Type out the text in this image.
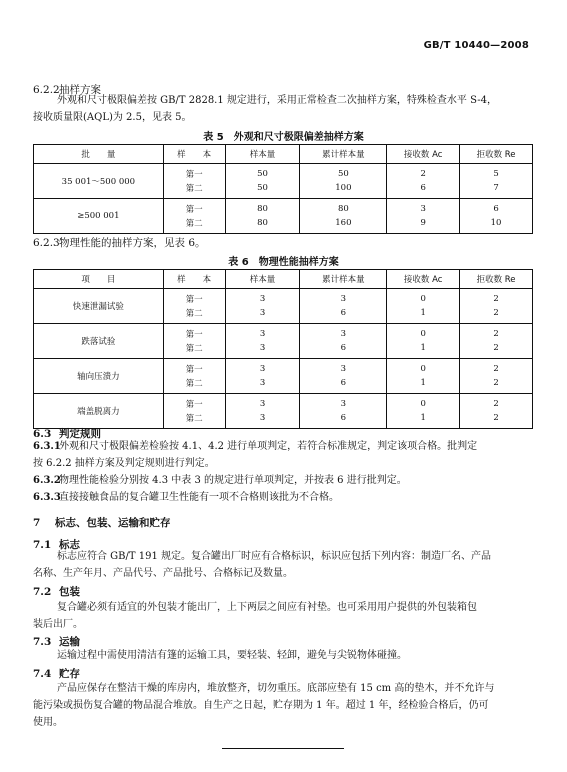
GB/T 10440—2008
6.2.2抽样方案
外观和尺寸极限偏差按 GB/T 2828.1 规定进行，采用正常检查二次抽样方案，特殊检查水平 S-4，
接收质量限(AQL)为 2.5，见表 5。
表 5　外观和尺寸极限偏差抽样方案
批　　量	样　　本	样本量	累计样本量	接收数 Ac	拒收数 Re
35 001～500 000	第一	50	50	2	5
	第二	50	100	6	7
≥500 001	第一	80	80	3	6
	第二	80	160	9	10
6.2.3物理性能的抽样方案，见表 6。
表 6　物理性能抽样方案
项　　目	样　　本	样本量	累计样本量	接收数 Ac	拒收数 Re
快速泄漏试验	第一	3	3	0	2
	第二	3	6	1	2
跌落试验	第一	3	3	0	2
	第二	3	6	1	2
轴向压溃力	第一	3	3	0	2
	第二	3	6	1	2
端盖脱离力	第一	3	3	0	2
	第二	3	6	1	2
6.3 判定规则
6.3.1外观和尺寸极限偏差检验按 4.1、4.2 进行单项判定，若符合标准规定，判定该项合格。批判定
按 6.2.2 抽样方案及判定规则进行判定。
6.3.2物理性能检验分别按 4.3 中表 3 的规定进行单项判定，并按表 6 进行批判定。
6.3.3直接接触食品的复合罐卫生性能有一项不合格则该批为不合格。
7 标志、包装、运输和贮存
7.1 标志
标志应符合 GB/T 191 规定。复合罐出厂时应有合格标识，标识应包括下列内容：制造厂名、产品
名称、生产年月、产品代号、产品批号、合格标记及数量。
7.2 包装
复合罐必须有适宜的外包装才能出厂，上下两层之间应有衬垫。也可采用用户提供的外包装箱包
装后出厂。
7.3 运输
运输过程中需使用清洁有篷的运输工具，要轻装、轻卸，避免与尖锐物体碰撞。
7.4 贮存
产品应保存在整洁干燥的库房内，堆放整齐，切勿重压。底部应垫有 15 cm 高的垫木，并不允许与
能污染或损伤复合罐的物品混合堆放。自生产之日起，贮存期为 1 年。超过 1 年，经检验合格后，仍可
使用。
